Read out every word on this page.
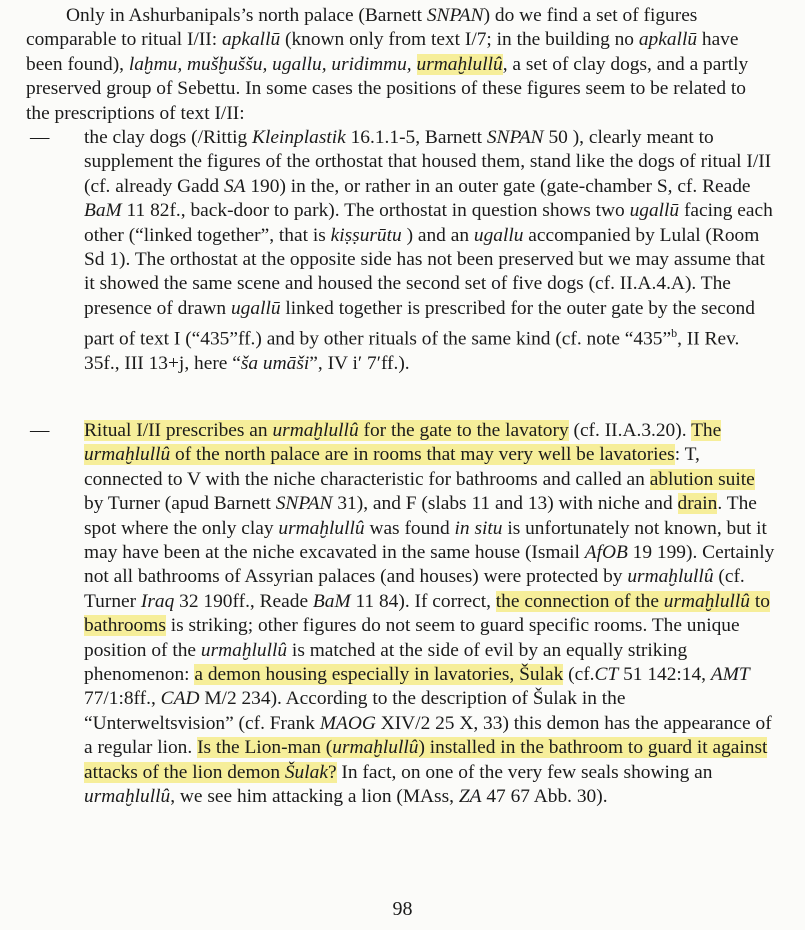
Only in Ashurbanipals’s north palace (Barnett SNPAN) do we find a set of figures comparable to ritual I/II: apkallū (known only from text I/7; in the building no apkallū have been found), laḫmu, mušḫuššu, ugallu, uridimmu, urmaḫlullû, a set of clay dogs, and a partly preserved group of Sebettu. In some cases the positions of these figures seem to be related to the prescriptions of text I/II:

— the clay dogs (/Rittig Kleinplastik 16.1.1-5, Barnett SNPAN 50 ), clearly meant to supplement the figures of the orthostat that housed them, stand like the dogs of ritual I/II (cf. already Gadd SA 190) in the, or rather in an outer gate (gate-chamber S, cf. Reade BaM 11 82f., back-door to park). The orthostat in question shows two ugallū facing each other (“linked together”, that is kiṣṣurūtu ) and an ugallu accompanied by Lulal (Room Sd 1). The orthostat at the opposite side has not been preserved but we may assume that it showed the same scene and housed the second set of five dogs (cf. II.A.4.A). The presence of drawn ugallū linked together is prescribed for the outer gate by the second part of text I (“435”ff.) and by other rituals of the same kind (cf. note “435”$^b$, II Rev. 35f., III 13+j, here “ša umāši”, IV i′ 7′ff.).
— Ritual I/II prescribes an urmaḫlullû for the gate to the lavatory (cf. II.A.3.20). The urmaḫlullû of the north palace are in rooms that may very well be lavatories: T, connected to V with the niche characteristic for bathrooms and called an ablution suite by Turner (apud Barnett SNPAN 31), and F (slabs 11 and 13) with niche and drain. The spot where the only clay urmaḫlullû was found in situ is unfortunately not known, but it may have been at the niche excavated in the same house (Ismail AfOB 19 199). Certainly not all bathrooms of Assyrian palaces (and houses) were protected by urmaḫlullû (cf. Turner Iraq 32 190ff., Reade BaM 11 84). If correct, the connection of the urmaḫlullû to bathrooms is striking; other figures do not seem to guard specific rooms. The unique position of the urmaḫlullû is matched at the side of evil by an equally striking phenomenon: a demon housing especially in lavatories, Šulak (cf.CT 51 142:14, AMT 77/1:8ff., CAD M/2 234). According to the description of Šulak in the “Unterweltsvision” (cf. Frank MAOG XIV/2 25 X, 33) this demon has the appearance of a regular lion. Is the Lion-man (urmaḫlullû) installed in the bathroom to guard it against attacks of the lion demon Šulak? In fact, on one of the very few seals showing an urmaḫlullû, we see him attacking a lion (MAss, ZA 47 67 Abb. 30).
98
